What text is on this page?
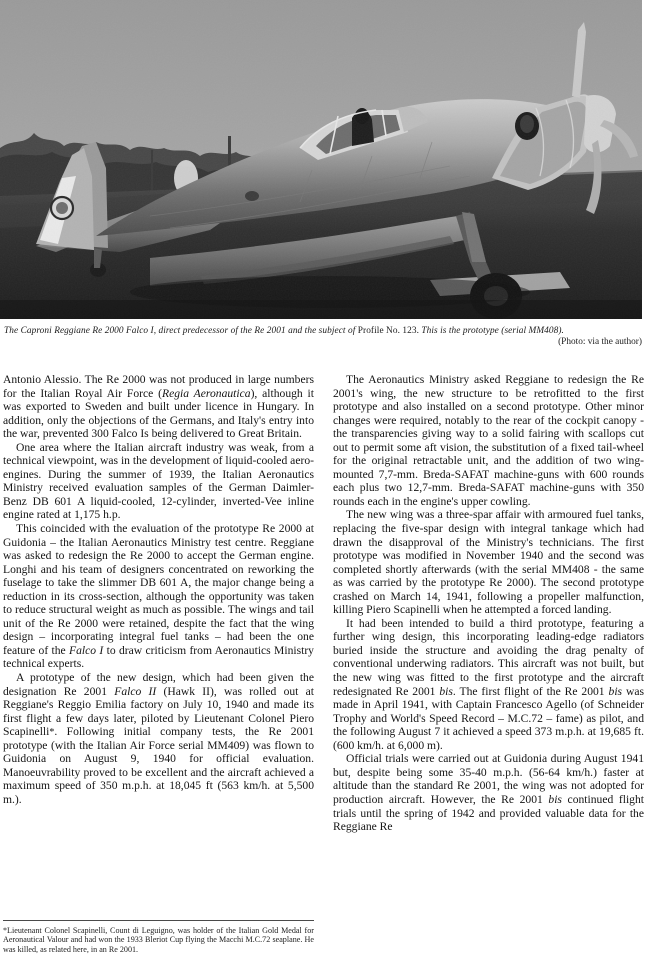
The Caproni Reggiane Re 2000 Falco I, direct predecessor of the Re 2001 and the subject of Profile No. 123. This is the prototype (serial MM408).
(Photo: via the author)

Antonio Alessio. The Re 2000 was not produced in large numbers for the Italian Royal Air Force (Regia Aeronautica), although it was exported to Sweden and built under licence in Hungary. In addition, only the objections of the Germans, and Italy's entry into the war, prevented 300 Falco Is being delivered to Great Britain.

One area where the Italian aircraft industry was weak, from a technical viewpoint, was in the development of liquid-cooled aero-engines. During the summer of 1939, the Italian Aeronautics Ministry received evaluation samples of the German Daimler-Benz DB 601 A liquid-cooled, 12-cylinder, inverted-Vee inline engine rated at 1,175 h.p.

This coincided with the evaluation of the prototype Re 2000 at Guidonia – the Italian Aeronautics Ministry test centre. Reggiane was asked to redesign the Re 2000 to accept the German engine. Longhi and his team of designers concentrated on reworking the fuselage to take the slimmer DB 601 A, the major change being a reduction in its cross-section, although the opportunity was taken to reduce structural weight as much as possible. The wings and tail unit of the Re 2000 were retained, despite the fact that the wing design – incorporating integral fuel tanks – had been the one feature of the Falco I to draw criticism from Aeronautics Ministry technical experts.

A prototype of the new design, which had been given the designation Re 2001 Falco II (Hawk II), was rolled out at Reggiane's Reggio Emilia factory on July 10, 1940 and made its first flight a few days later, piloted by Lieutenant Colonel Piero Scapinelli*. Following initial company tests, the Re 2001 prototype (with the Italian Air Force serial MM409) was flown to Guidonia on August 9, 1940 for official evaluation. Manoeuvrability proved to be excellent and the aircraft achieved a maximum speed of 350 m.p.h. at 18,045 ft (563 km/h. at 5,500 m.).

The Aeronautics Ministry asked Reggiane to redesign the Re 2001's wing, the new structure to be retrofitted to the first prototype and also installed on a second prototype. Other minor changes were required, notably to the rear of the cockpit canopy - the transparencies giving way to a solid fairing with scallops cut out to permit some aft vision, the substitution of a fixed tail-wheel for the original retractable unit, and the addition of two wing-mounted 7,7-mm. Breda-SAFAT machine-guns with 600 rounds each plus two 12,7-mm. Breda-SAFAT machine-guns with 350 rounds each in the engine's upper cowling.

The new wing was a three-spar affair with armoured fuel tanks, replacing the five-spar design with integral tankage which had drawn the disapproval of the Ministry's technicians. The first prototype was modified in November 1940 and the second was completed shortly afterwards (with the serial MM408 - the same as was carried by the prototype Re 2000). The second prototype crashed on March 14, 1941, following a propeller malfunction, killing Piero Scapinelli when he attempted a forced landing.

It had been intended to build a third prototype, featuring a further wing design, this incorporating leading-edge radiators buried inside the structure and avoiding the drag penalty of conventional underwing radiators. This aircraft was not built, but the new wing was fitted to the first prototype and the aircraft redesignated Re 2001 bis. The first flight of the Re 2001 bis was made in April 1941, with Captain Francesco Agello (of Schneider Trophy and World's Speed Record – M.C.72 – fame) as pilot, and the following August 7 it achieved a speed 373 m.p.h. at 19,685 ft. (600 km/h. at 6,000 m).

Official trials were carried out at Guidonia during August 1941 but, despite being some 35-40 m.p.h. (56-64 km/h.) faster at altitude than the standard Re 2001, the wing was not adopted for production aircraft. However, the Re 2001 bis continued flight trials until the spring of 1942 and provided valuable data for the Reggiane Re

*Lieutenant Colonel Scapinelli, Count di Leguigno, was holder of the Italian Gold Medal for Aeronautical Valour and had won the 1933 Bleriot Cup flying the Macchi M.C.72 seaplane. He was killed, as related here, in an Re 2001.
